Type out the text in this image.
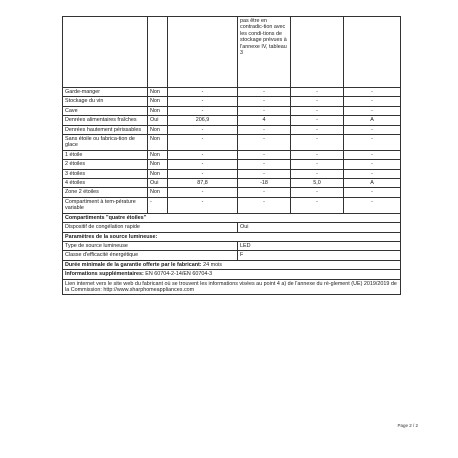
			pas être en contradic-tion avec les condi-tions de stockage prévues à l'annexe IV, tableau 3		
Garde-manger	Non	-	-	-	-
Stockage du vin	Non	-	-	-	-
Cave	Non	-	-	-	-
Denrées alimentaires fraîches	Oui	206,9	4	-	A
Denrées hautement périssables	Non	-	-	-	-
Sans étoile ou fabrica-tion de glace	Non	-	-	-	-
1 étoile	Non	-	-	-	-
2 étoiles	Non	-	-	-	-
3 étoiles	Non	-	-	-	-
4 étoiles	Oui	87,8	-18	5,0	A
Zone 2 étoiles	Non	-	-	-	-
Compartiment à tem-pérature variable	-	-	-	-	-
Compartiments "quatre étoiles"					
Dispositif de congélation rapide			Oui		
Paramètres de la source lumineuse:					
Type de source lumineuse			LED		
Classe d'efficacité énergétique			F		
Durée minimale de la garantie offerte par le fabricant: 24 mois					
Informations supplémentaires: EN 60704-2-14/EN 60704-3					
Lien internet vers le site web du fabricant où se trouvent les informations visées au point 4 a) de l'annexe du rè-glement (UE) 2019/2019 de la Commission: http://www.sharphomeappliances.com					
Page 2 / 2
